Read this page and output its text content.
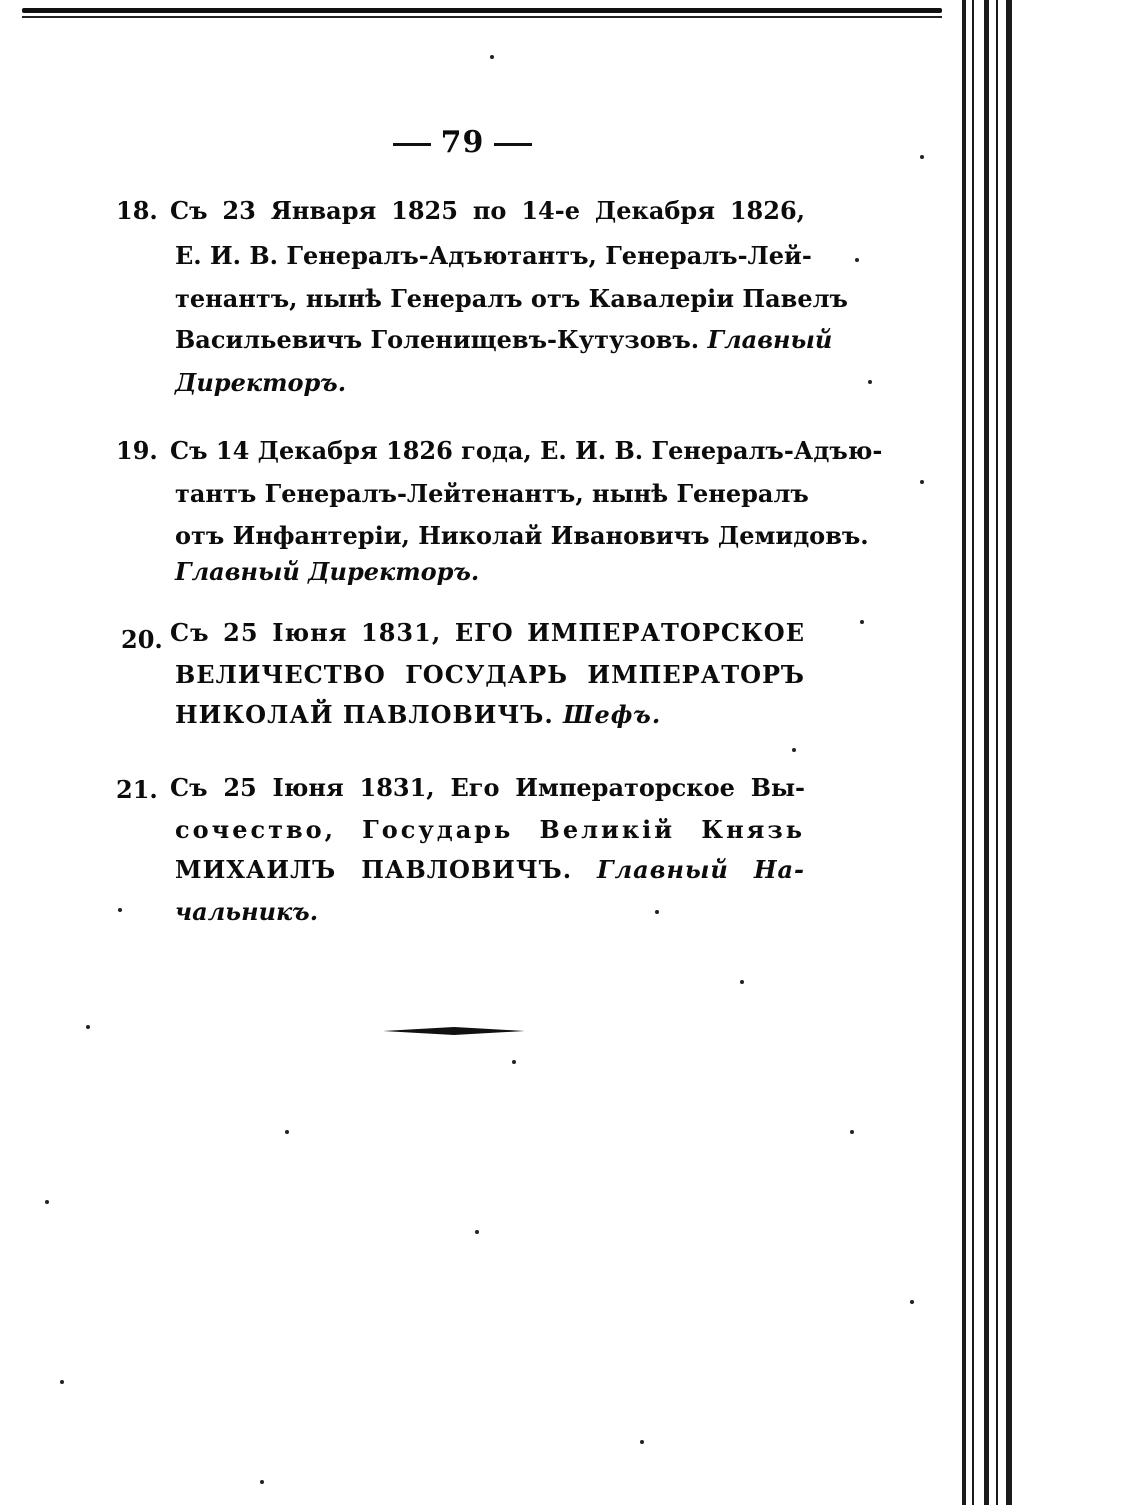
79
18. Съ 23 Января 1825 по 14-е Декабря 1826,
Е. И. В. Генералъ-Адъютантъ, Генералъ-Лей-
тенантъ, нынѣ Генералъ отъ Кавалеріи Павелъ
Васильевичъ Голенищевъ-Кутузовъ. Главный
Директоръ.
19. Съ 14 Декабря 1826 года, Е. И. В. Генералъ-Адъю-
тантъ Генералъ-Лейтенантъ, нынѣ Генералъ
отъ Инфантеріи, Николай Ивановичъ Демидовъ.
Главный Директоръ.
20. Съ 25 Іюня 1831, ЕГО ИМПЕРАТОРСКОЕ
ВЕЛИЧЕСТВО ГОСУДАРЬ ИМПЕРАТОРЪ
НИКОЛАЙ ПАВЛОВИЧЪ. Шефъ.
21. Съ 25 Іюня 1831, Его Императорское Вы-
сочество, Государь Великій Князь
МИХАИЛЪ ПАВЛОВИЧЪ. Главный На-
чальникъ.
